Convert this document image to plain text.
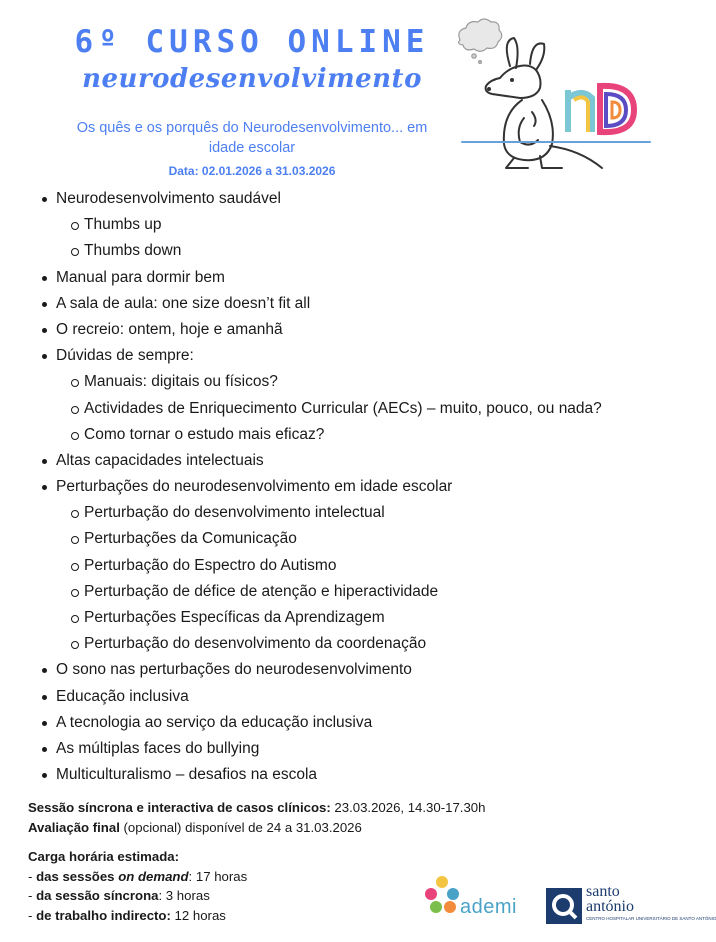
6º CURSO ONLINE
neurodesenvolvimento
Os quês e os porquês do Neurodesenvolvimento... em idade escolar
Data: 02.01.2026 a 31.03.2026
Neurodesenvolvimento saudável
Thumbs up
Thumbs down
Manual para dormir bem
A sala de aula: one size doesn’t fit all
O recreio: ontem, hoje e amanhã
Dúvidas de sempre:
Manuais: digitais ou físicos?
Actividades de Enriquecimento Curricular (AECs) – muito, pouco, ou nada?
Como tornar o estudo mais eficaz?
Altas capacidades intelectuais
Perturbações do neurodesenvolvimento em idade escolar
Perturbação do desenvolvimento intelectual
Perturbações da Comunicação
Perturbação do Espectro do Autismo
Perturbação de défice de atenção e hiperactividade
Perturbações Específicas da Aprendizagem
Perturbação do desenvolvimento da coordenação
O sono nas perturbações do neurodesenvolvimento
Educação inclusiva
A tecnologia ao serviço da educação inclusiva
As múltiplas faces do bullying
Multiculturalismo – desafios na escola

Sessão síncrona e interactiva de casos clínicos: 23.03.2026, 14.30-17.30h

Avaliação final (opcional) disponível de 24 a 31.03.2026

Carga horária estimada:

- das sessões on demand: 17 horas

- da sessão síncrona: 3 horas

- de trabalho indirecto: 12 horas	ademi
santo
antónio
CENTRO HOSPITALAR UNIVERSITÁRIO DE SANTO ANTÓNIO
